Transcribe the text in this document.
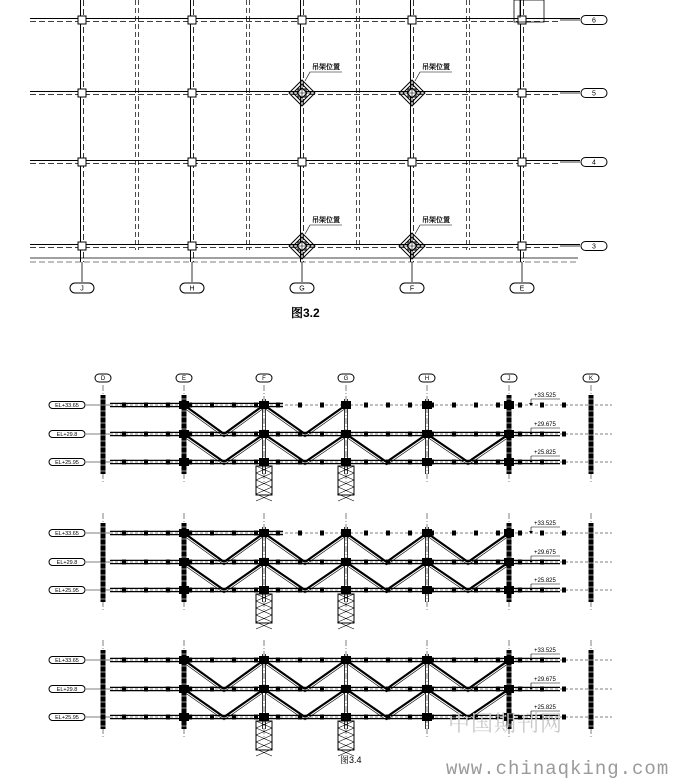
6
5
4
3
J	H	G	F	E
吊架位置	吊架位置
吊架位置	吊架位置
D	E	F	G	H	J	K
EL+33.65
+33.525
EL+29.8
+29.675
EL+25.95
+25.825
EL+33.65
+33.525
EL+29.8
+29.675
EL+25.95
+25.825
EL+33.65
+33.525
EL+29.8
+29.675
EL+25.95
+25.825
图3.2
图3.4
中国期刊网
www.chinaqking.com
